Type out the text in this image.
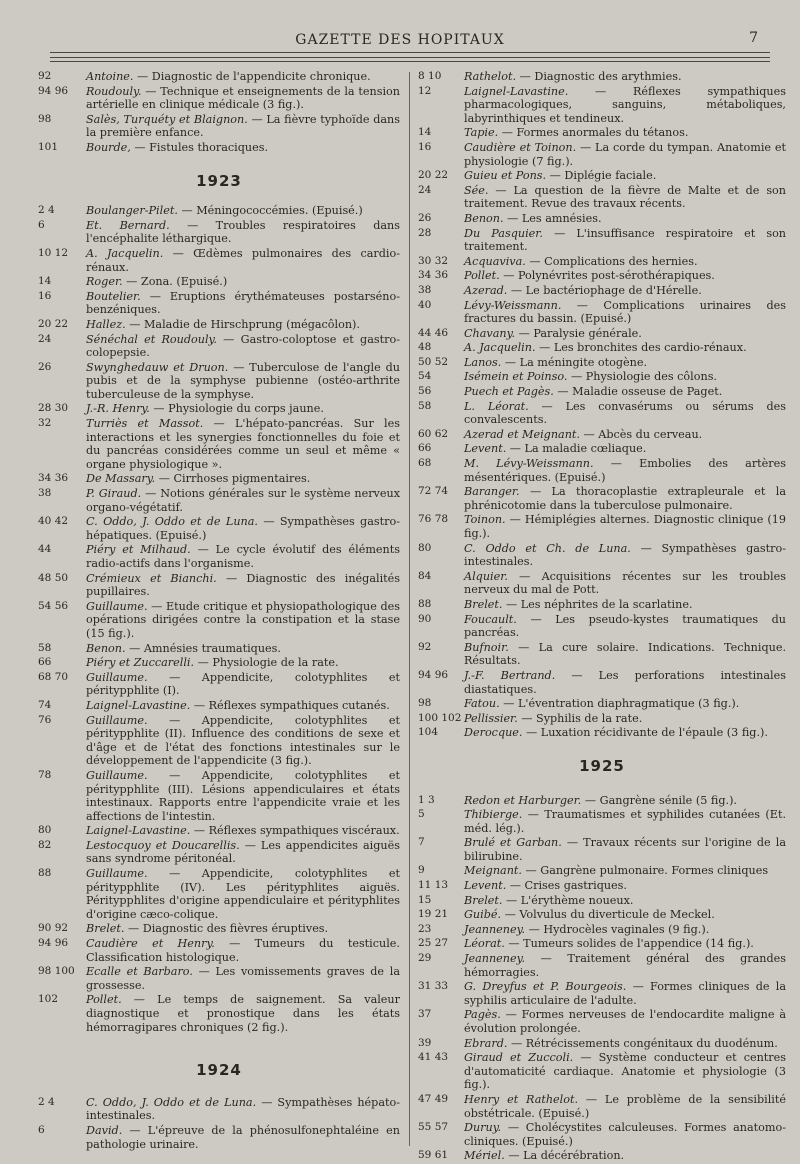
GAZETTE DES HOPITAUX	7
92	Antoine. — Diagnostic de l'appendicite chronique.
94 96	Roudouly. — Technique et enseignements de la tension artérielle en clinique médicale (3 fig.).
98	Salès, Turquéty et Blaignon. — La fièvre typhoïde dans la première enfance.
101	Bourde, — Fistules thoraciques.
1923
2 4	Boulanger-Pilet. — Méningococcémies. (Epuisé.)
6	Et. Bernard. — Troubles respiratoires dans l'encéphalite léthargique.
10 12	A. Jacquelin. — Œdèmes pulmonaires des cardio-rénaux.
14	Roger. — Zona. (Epuisé.)
16	Boutelier. — Eruptions érythémateuses postarséno-benzéniques.
20 22	Hallez. — Maladie de Hirschprung (mégacôlon).
24	Sénéchal et Roudouly. — Gastro-coloptose et gastro-colopepsie.
26	Swynghedauw et Druon. — Tuberculose de l'angle du pubis et de la symphyse pubienne (ostéo-arthrite tuberculeuse de la symphyse.
28 30	J.-R. Henry. — Physiologie du corps jaune.
32	Turriès et Massot. — L'hépato-pancréas. Sur les interactions et les synergies fonctionnelles du foie et du pancréas considérées comme un seul et même « organe physiologique ».
34 36	De Massary. — Cirrhoses pigmentaires.
38	P. Giraud. — Notions générales sur le système nerveux organo-végétatif.
40 42	C. Oddo, J. Oddo et de Luna. — Sympathèses gastro-hépatiques. (Epuisé.)
44	Piéry et Milhaud. — Le cycle évolutif des éléments radio-actifs dans l'organisme.
48 50	Crémieux et Bianchi. — Diagnostic des inégalités pupillaires.
54 56	Guillaume. — Etude critique et physiopathologique des opérations dirigées contre la constipation et la stase (15 fig.).
58	Benon. — Amnésies traumatiques.
66	Piéry et Zuccarelli. — Physiologie de la rate.
68 70	Guillaume. — Appendicite, colotyphlites et péritypphlite (I).
74	Laignel-Lavastine. — Réflexes sympathiques cutanés.
76	Guillaume. — Appendicite, colotyphlites et péritypphlite (II). Influence des conditions de sexe et d'âge et de l'état des fonctions intestinales sur le développement de l'appendicite (3 fig.).
78	Guillaume. — Appendicite, colotyphlites et péritypphlite (III). Lésions appendiculaires et états intestinaux. Rapports entre l'appendicite vraie et les affections de l'intestin.
80	Laignel-Lavastine. — Réflexes sympathiques viscéraux.
82	Lestocquoy et Doucarellis. — Les appendicites aiguës sans syndrome péritonéal.
88	Guillaume. — Appendicite, colotyphlites et péritypphlite (IV). Les pérityphlites aiguës. Péritypphlites d'origine appendiculaire et pérityphlites d'origine cæco-colique.
90 92	Brelet. — Diagnostic des fièvres éruptives.
94 96	Caudière et Henry. — Tumeurs du testicule. Classification histologique.
98 100	Ecalle et Barbaro. — Les vomissements graves de la grossesse.
102	Pollet. — Le temps de saignement. Sa valeur diagnostique et pronostique dans les états hémorragipares chroniques (2 fig.).
1924
2 4	C. Oddo, J. Oddo et de Luna. — Sympathèses hépato-intestinales.
6	David. — L'épreuve de la phénosulfonephtaléine en pathologie urinaire.
8 10	Rathelot. — Diagnostic des arythmies.
12	Laignel-Lavastine. — Réflexes sympathiques pharmacologiques, sanguins, métaboliques, labyrinthiques et tendineux.
14	Tapie. — Formes anormales du tétanos.
16	Caudière et Toinon. — La corde du tympan. Anatomie et physiologie (7 fig.).
20 22	Guieu et Pons. — Diplégie faciale.
24	Sée. — La question de la fièvre de Malte et de son traitement. Revue des travaux récents.
26	Benon. — Les amnésies.
28	Du Pasquier. — L'insuffisance respiratoire et son traitement.
30 32	Acquaviva. — Complications des hernies.
34 36	Pollet. — Polynévrites post-sérothérapiques.
38	Azerad. — Le bactériophage de d'Hérelle.
40	Lévy-Weissmann. — Complications urinaires des fractures du bassin. (Epuisé.)
44 46	Chavany. — Paralysie générale.
48	A. Jacquelin. — Les bronchites des cardio-rénaux.
50 52	Lanos. — La méningite otogène.
54	Isémein et Poinso. — Physiologie des côlons.
56	Puech et Pagès. — Maladie osseuse de Paget.
58	L. Léorat. — Les convasérums ou sérums des convalescents.
60 62	Azerad et Meignant. — Abcès du cerveau.
66	Levent. — La maladie cœliaque.
68	M. Lévy-Weissmann. — Embolies des artères mésentériques. (Epuisé.)
72 74	Baranger. — La thoracoplastie extrapleurale et la phrénicotomie dans la tuberculose pulmonaire.
76 78	Toinon. — Hémiplégies alternes. Diagnostic clinique (19 fig.).
80	C. Oddo et Ch. de Luna. — Sympathèses gastro-intestinales.
84	Alquier. — Acquisitions récentes sur les troubles nerveux du mal de Pott.
88	Brelet. — Les néphrites de la scarlatine.
90	Foucault. — Les pseudo-kystes traumatiques du pancréas.
92	Bufnoir. — La cure solaire. Indications. Technique. Résultats.
94 96	J.-F. Bertrand. — Les perforations intestinales diastatiques.
98	Fatou. — L'éventration diaphragmatique (3 fig.).
100 102 Pellissier. — Syphilis de la rate.
104	Derocque. — Luxation récidivante de l'épaule (3 fig.).
1925
1 3	Redon et Harburger. — Gangrène sénile (5 fig.).
5	Thibierge. — Traumatismes et syphilides cutanées (Et. méd. lég.).
7	Brulé et Garban. — Travaux récents sur l'origine de la bilirubine.
9	Meignant. — Gangrène pulmonaire. Formes cliniques
11 13	Levent. — Crises gastriques.
15	Brelet. — L'érythème noueux.
19 21	Guibé. — Volvulus du diverticule de Meckel.
23	Jeanneney. — Hydrocèles vaginales (9 fig.).
25 27	Léorat. — Tumeurs solides de l'appendice (14 fig.).
29	Jeanneney. — Traitement général des grandes hémorragies.
31 33	G. Dreyfus et P. Bourgeois. — Formes cliniques de la syphilis articulaire de l'adulte.
37	Pagès. — Formes nerveuses de l'endocardite maligne à évolution prolongée.
39	Ebrard. — Rétrécissements congénitaux du duodénum.
41 43	Giraud et Zuccoli. — Système conducteur et centres d'automaticité cardiaque. Anatomie et physiologie (3 fig.).
47 49	Henry et Rathelot. — Le problème de la sensibilité obstétricale. (Epuisé.)
55 57	Duruy. — Cholécystites calculeuses. Formes anatomo-cliniques. (Epuisé.)
59 61	Mériel. — La décérébration.
